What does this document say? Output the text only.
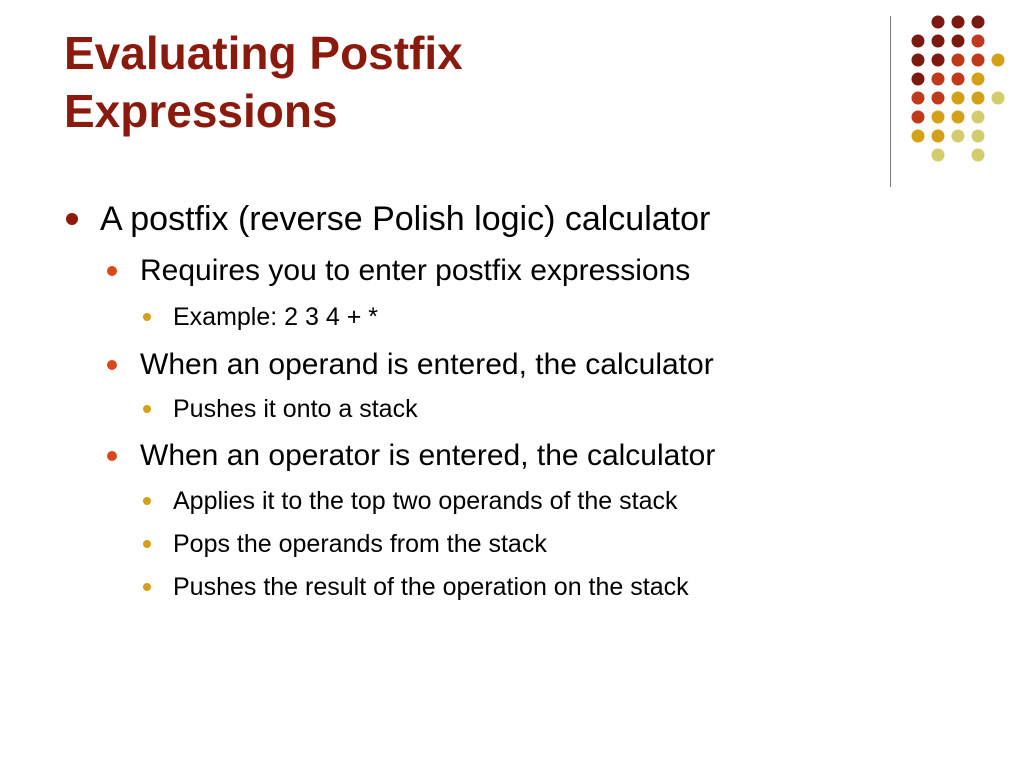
Evaluating Postfix
Expressions
A postfix (reverse Polish logic) calculator
Requires you to enter postfix expressions
Example: 2 3 4 + *
When an operand is entered, the calculator
Pushes it onto a stack
When an operator is entered, the calculator
Applies it to the top two operands of the stack
Pops the operands from the stack
Pushes the result of the operation on the stack
